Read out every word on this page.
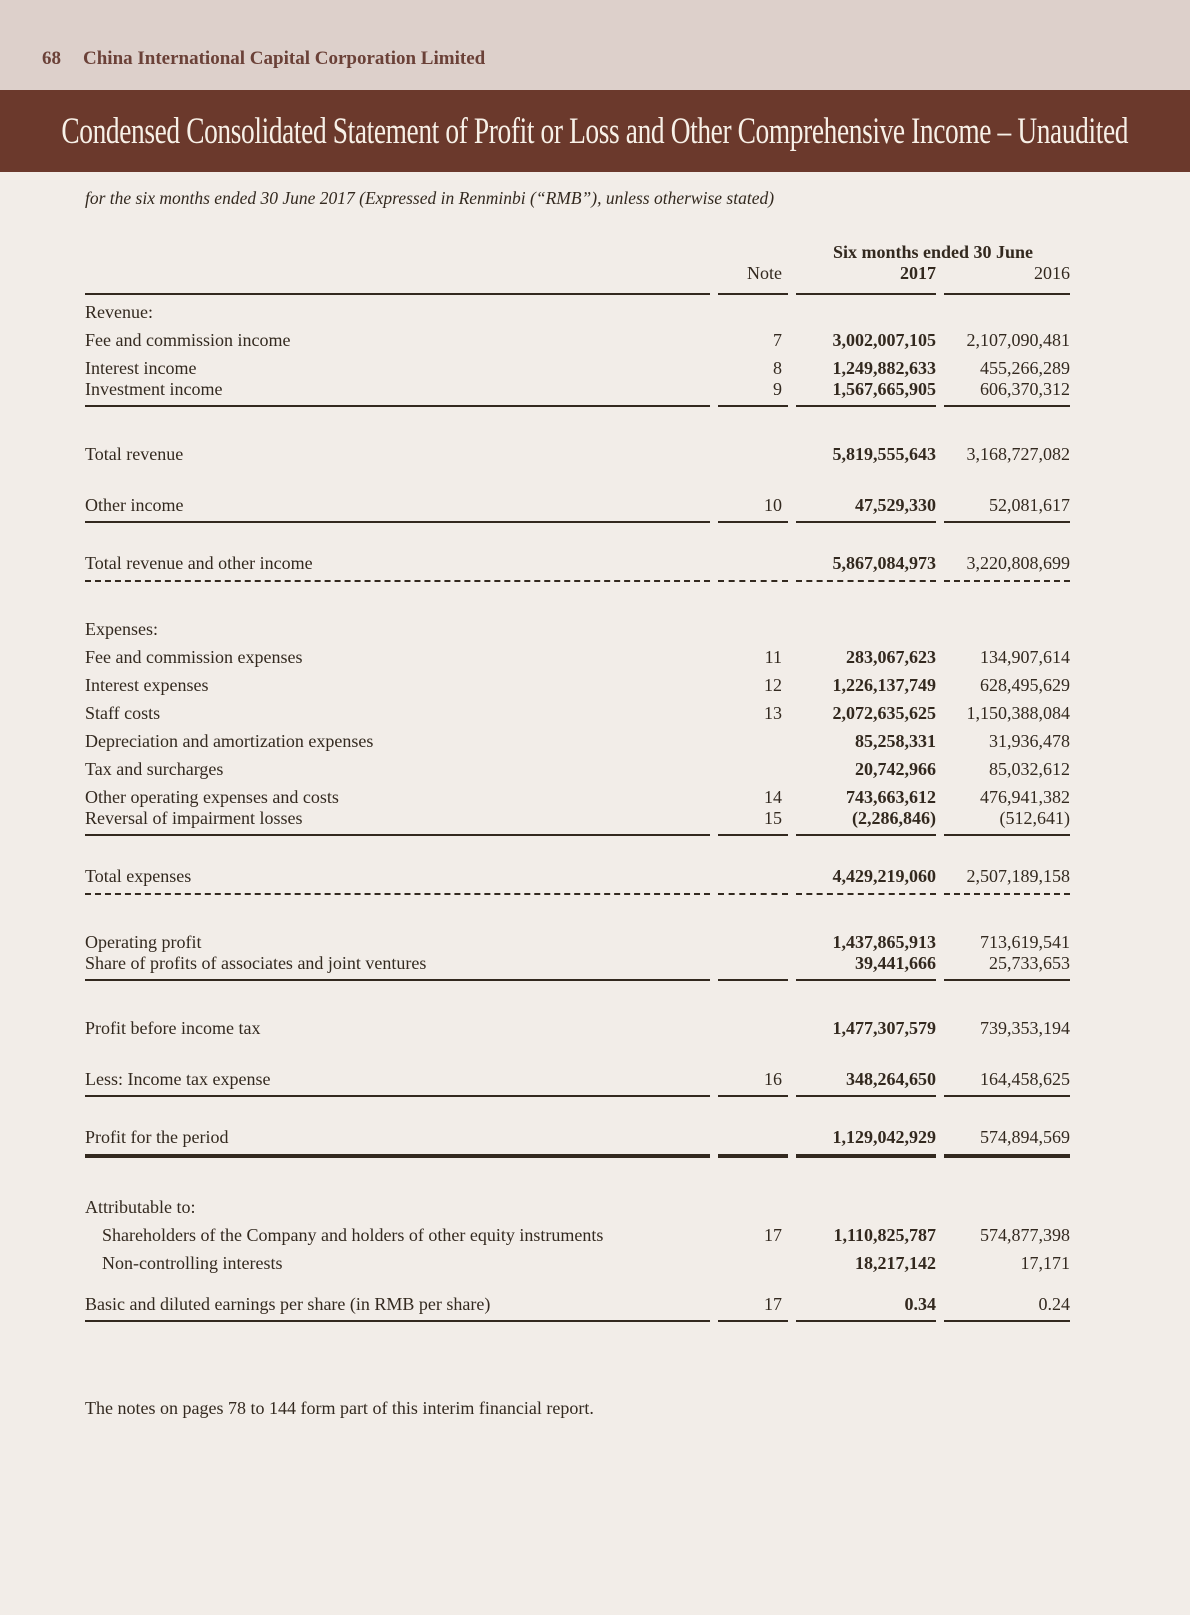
68 China International Capital Corporation Limited
Condensed Consolidated Statement of Profit or Loss and Other Comprehensive Income – Unaudited

for the six months ended 30 June 2017 (Expressed in Renminbi (“RMB”), unless otherwise stated)

		Six months ended 30 June	
	Note	2017	2016
Revenue:			
Fee and commission income	7	3,002,007,105	2,107,090,481
Interest income	8	1,249,882,633	455,266,289
Investment income	9	1,567,665,905	606,370,312

Total revenue		5,819,555,643	3,168,727,082

Other income	10	47,529,330	52,081,617

Total revenue and other income		5,867,084,973	3,220,808,699

Expenses:			
Fee and commission expenses	11	283,067,623	134,907,614
Interest expenses	12	1,226,137,749	628,495,629
Staff costs	13	2,072,635,625	1,150,388,084
Depreciation and amortization expenses		85,258,331	31,936,478
Tax and surcharges		20,742,966	85,032,612
Other operating expenses and costs	14	743,663,612	476,941,382
Reversal of impairment losses	15	(2,286,846)	(512,641)

Total expenses		4,429,219,060	2,507,189,158

Operating profit		1,437,865,913	713,619,541
Share of profits of associates and joint ventures		39,441,666	25,733,653

Profit before income tax		1,477,307,579	739,353,194

Less: Income tax expense	16	348,264,650	164,458,625

Profit for the period		1,129,042,929	574,894,569

Attributable to:			
Shareholders of the Company and holders of other equity instruments	17	1,110,825,787	574,877,398
Non-controlling interests		18,217,142	17,171

Basic and diluted earnings per share (in RMB per share)	17	0.34	0.24

The notes on pages 78 to 144 form part of this interim financial report.
